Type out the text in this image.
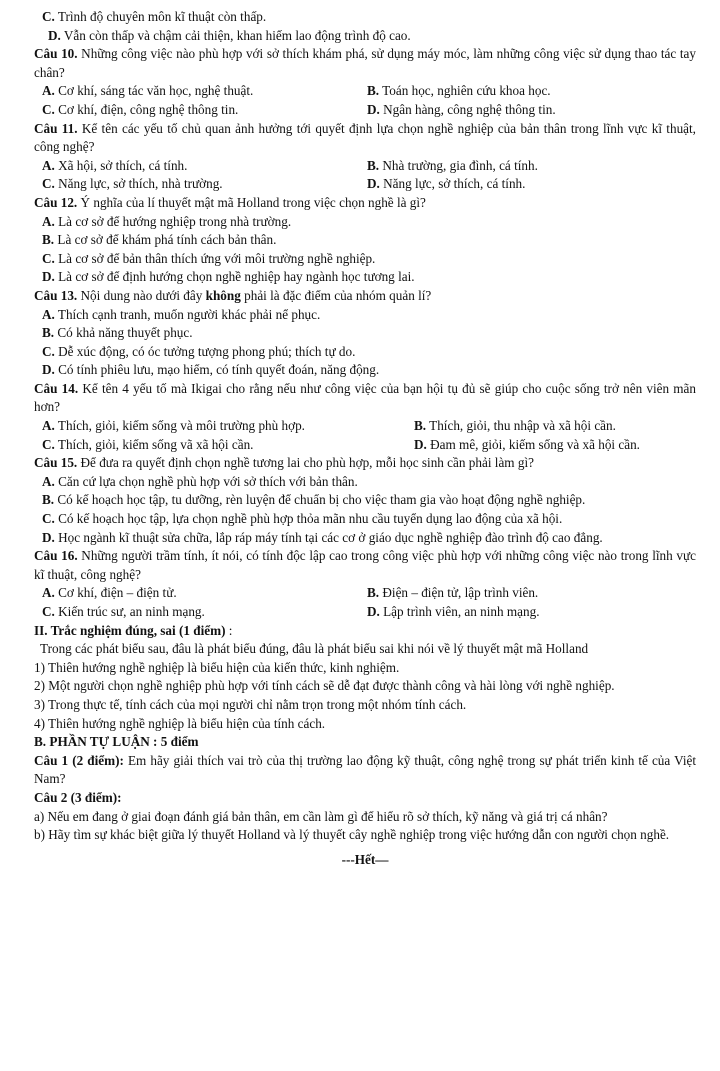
C. Trình độ chuyên môn kĩ thuật còn thấp.

D. Vẫn còn thấp và chậm cải thiện, khan hiếm lao động trình độ cao.

Câu 10. Những công việc nào phù hợp với sở thích khám phá, sử dụng máy móc, làm những công việc sử dụng thao tác tay chân?

A. Cơ khí, sáng tác văn học, nghệ thuật.	B. Toán học, nghiên cứu khoa học.
C. Cơ khí, điện, công nghệ thông tin.	D. Ngân hàng, công nghệ thông tin.

Câu 11. Kể tên các yếu tố chủ quan ảnh hưởng tới quyết định lựa chọn nghề nghiệp của bản thân trong lĩnh vực kĩ thuật, công nghệ?

A. Xã hội, sở thích, cá tính.	B. Nhà trường, gia đình, cá tính.
C. Năng lực, sở thích, nhà trường.	D. Năng lực, sở thích, cá tính.

Câu 12. Ý nghĩa của lí thuyết mật mã Holland trong việc chọn nghề là gì?

A. Là cơ sở để hướng nghiệp trong nhà trường.

B. Là cơ sở để khám phá tính cách bản thân.

C. Là cơ sở để bản thân thích ứng với môi trường nghề nghiệp.

D. Là cơ sở để định hướng chọn nghề nghiệp hay ngành học tương lai.

Câu 13. Nội dung nào dưới đây không phải là đặc điểm của nhóm quản lí?

A. Thích cạnh tranh, muốn người khác phải nể phục.

B. Có khả năng thuyết phục.

C. Dễ xúc động, có óc tưởng tượng phong phú; thích tự do.

D. Có tính phiêu lưu, mạo hiểm, có tính quyết đoán, năng động.

Câu 14. Kể tên 4 yếu tố mà Ikigai cho rằng nếu như công việc của bạn hội tụ đủ sẽ giúp cho cuộc sống trở nên viên mãn hơn?

A. Thích, giỏi, kiếm sống và môi trường phù hợp.	B. Thích, giỏi, thu nhập và xã hội cần.
C. Thích, giỏi, kiếm sống vã xã hội cần.	D. Đam mê, giỏi, kiếm sống và xã hội cần.

Câu 15. Để đưa ra quyết định chọn nghề tương lai cho phù hợp, mỗi học sinh cần phải làm gì?

A. Căn cứ lựa chọn nghề phù hợp với sở thích với bản thân.

B. Có kế hoạch học tập, tu dưỡng, rèn luyện để chuẩn bị cho việc tham gia vào hoạt động nghề nghiệp.

C. Có kế hoạch học tập, lựa chọn nghề phù hợp thỏa mãn nhu cầu tuyển dụng lao động của xã hội.

D. Học ngành kĩ thuật sửa chữa, lắp ráp máy tính tại các cơ ở giáo dục nghề nghiệp đào trình độ cao đẳng.

Câu 16. Những người trầm tính, ít nói, có tính độc lập cao trong công việc phù hợp với những công việc nào trong lĩnh vực kĩ thuật, công nghệ?

A. Cơ khí, điện – điện tử.	B. Điện – điện tử, lập trình viên.
C. Kiến trúc sư, an ninh mạng.	D. Lập trình viên, an ninh mạng.

II. Trắc nghiệm đúng, sai (1 điểm) :

Trong các phát biểu sau, đâu là phát biểu đúng, đâu là phát biểu sai khi nói về lý thuyết mật mã Holland

1) Thiên hướng nghề nghiệp là biểu hiện của kiến thức, kinh nghiệm.

2) Một người chọn nghề nghiệp phù hợp với tính cách sẽ dễ đạt được thành công và hài lòng với nghề nghiệp.

3) Trong thực tế, tính cách của mọi người chỉ nằm trọn trong một nhóm tính cách.

4) Thiên hướng nghề nghiệp là biểu hiện của tính cách.

B. PHẦN TỰ LUẬN : 5 điểm

Câu 1 (2 điểm): Em hãy giải thích vai trò của thị trường lao động kỹ thuật, công nghệ trong sự phát triển kinh tế của Việt Nam?

Câu 2 (3 điểm):

a) Nếu em đang ở giai đoạn đánh giá bản thân, em cần làm gì để hiểu rõ sở thích, kỹ năng và giá trị cá nhân?

b) Hãy tìm sự khác biệt giữa lý thuyết Holland và lý thuyết cây nghề nghiệp trong việc hướng dẫn con người chọn nghề.

---Hết—
